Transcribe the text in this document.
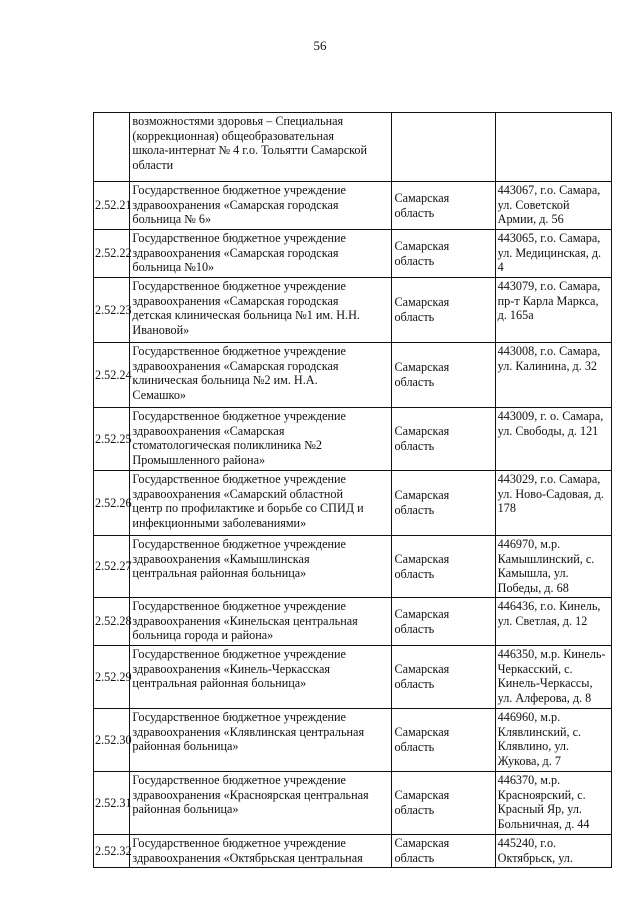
56

	возможностями здоровья – Специальная
(коррекционная) общеобразовательная
школа-интернат № 4 г.о. Тольятти Самарской
области		

2.52.21	Государственное бюджетное учреждение
здравоохранения «Самарская городская
больница № 6»	Самарская
область	443067, г.о. Самара,
ул. Советской
Армии, д. 56

2.52.22	Государственное бюджетное учреждение
здравоохранения «Самарская городская
больница №10»	Самарская
область	443065, г.о. Самара,
ул. Медицинская, д.
4

2.52.23	Государственное бюджетное учреждение
здравоохранения «Самарская городская
детская клиническая больница №1 им. Н.Н.
Ивановой»	Самарская
область	443079, г.о. Самара,
пр-т Карла Маркса,
д. 165а

2.52.24	Государственное бюджетное учреждение
здравоохранения «Самарская городская
клиническая больница №2 им. Н.А.
Семашко»	Самарская
область	443008, г.о. Самара,
ул. Калинина, д. 32

2.52.25	Государственное бюджетное учреждение
здравоохранения «Самарская
стоматологическая поликлиника №2
Промышленного района»	Самарская
область	443009, г. о. Самара,
ул. Свободы, д. 121

2.52.26	Государственное бюджетное учреждение
здравоохранения «Самарский областной
центр по профилактике и борьбе со СПИД и
инфекционными заболеваниями»	Самарская
область	443029, г.о. Самара,
ул. Ново-Садовая, д.
178

2.52.27	Государственное бюджетное учреждение
здравоохранения «Камышлинская
центральная районная больница»	Самарская
область	446970, м.р.
Камышлинский, с.
Камышла, ул.
Победы, д. 68

2.52.28	Государственное бюджетное учреждение
здравоохранения «Кинельская центральная
больница города и района»	Самарская
область	446436, г.о. Кинель,
ул. Светлая, д. 12

2.52.29	Государственное бюджетное учреждение
здравоохранения «Кинель-Черкасская
центральная районная больница»	Самарская
область	446350, м.р. Кинель-
Черкасский, с.
Кинель-Черкассы,
ул. Алферова, д. 8

2.52.30	Государственное бюджетное учреждение
здравоохранения «Клявлинская центральная
районная больница»	Самарская
область	446960, м.р.
Клявлинский, с.
Клявлино, ул.
Жукова, д. 7

2.52.31	Государственное бюджетное учреждение
здравоохранения «Красноярская центральная
районная больница»	Самарская
область	446370, м.р.
Красноярский, с.
Красный Яр, ул.
Больничная, д. 44

2.52.32	Государственное бюджетное учреждение
здравоохранения «Октябрьская центральная	Самарская
область	445240, г.о.
Октябрьск, ул.
